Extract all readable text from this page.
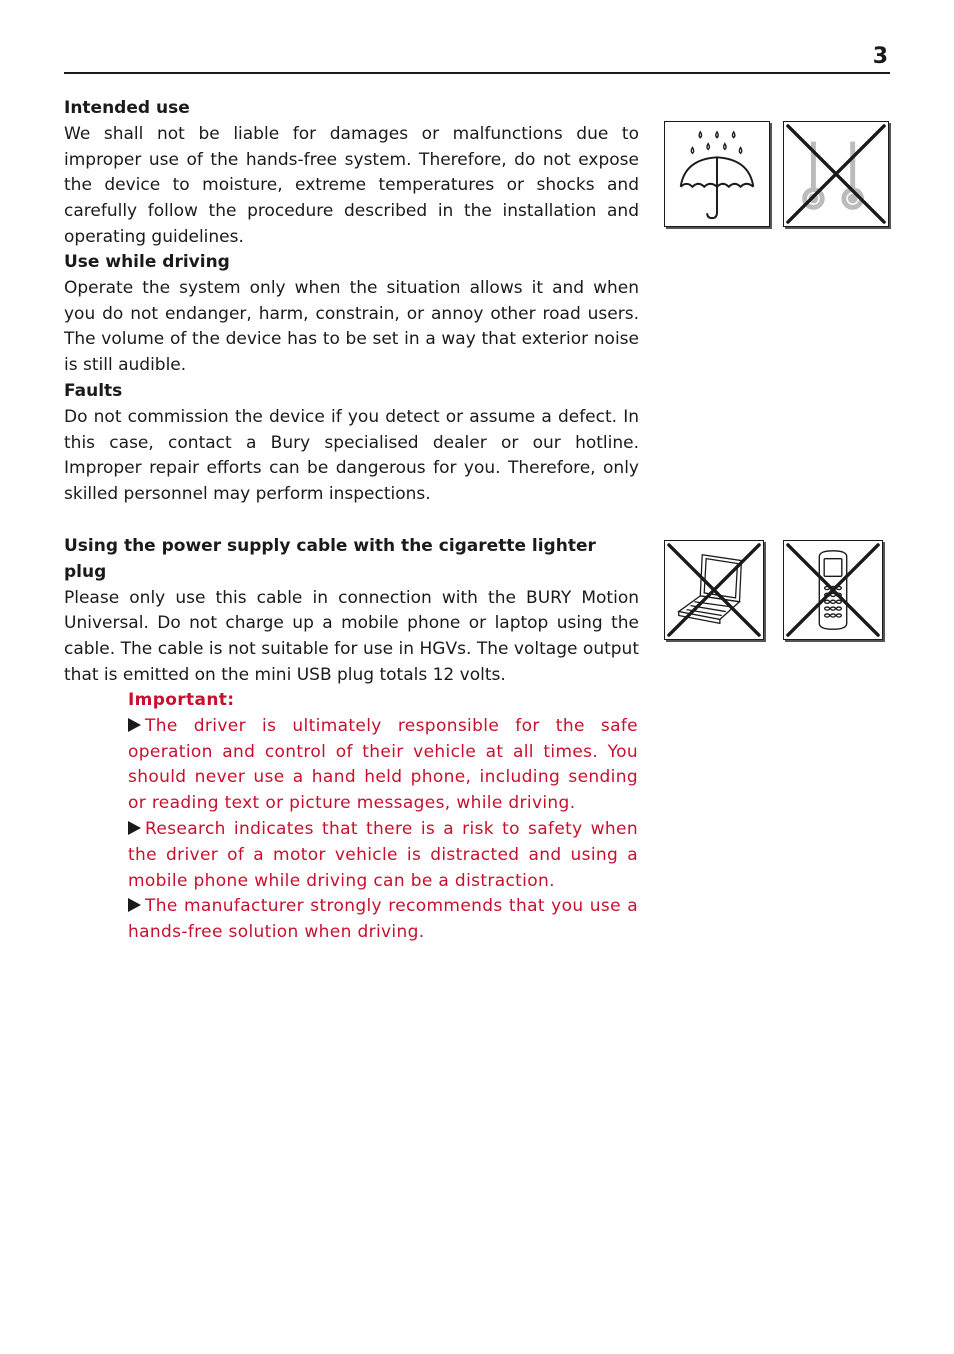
3
Intended use

We shall not be liable for damages or malfunctions due to improper use of the hands-free system. Therefore, do not expose the device to moisture, extreme temperatures or shocks and carefully follow the procedure described in the installation and operating guidelines.

Use while driving

Operate the system only when the situation allows it and when you do not endanger, harm, constrain, or annoy other road users. The volume of the device has to be set in a way that exterior noise is still audible.

Faults

Do not commission the device if you detect or assume a defect. In this case, contact a Bury specialised dealer or our hotline. Improper repair efforts can be dangerous for you. Therefore, only skilled personnel may perform inspections.

Using the power supply cable with the cigarette lighter plug

Please only use this cable in connection with the BURY Motion Universal. Do not charge up a mobile phone or laptop using the cable. The cable is not suitable for use in HGVs. The voltage output that is emitted on the mini USB plug totals 12 volts.

Important:

The driver is ultimately responsible for the safe operation and control of their vehicle at all times. You should never use a hand held phone, including sending or reading text or picture messages, while driving.

Research indicates that there is a risk to safety when the driver of a motor vehicle is distracted and using a mobile phone while driving can be a distraction.

The manufacturer strongly recommends that you use a hands-free solution when driving.
